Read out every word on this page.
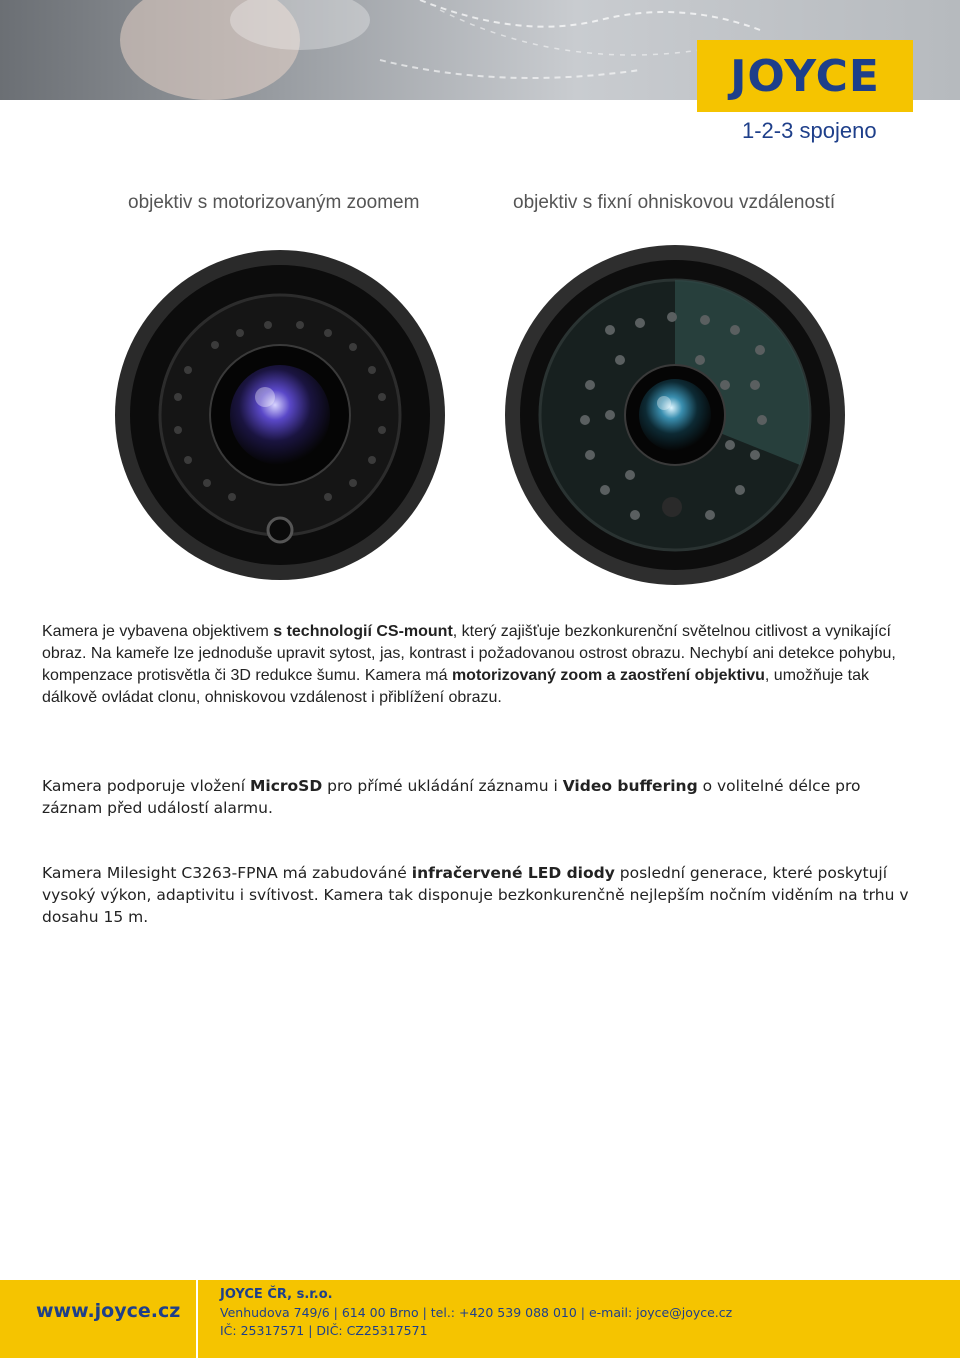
JOYCE
1-2-3 spojeno
objektiv s motorizovaným zoomem	objektiv s fixní ohniskovou vzdáleností
Kamera je vybavena objektivem s technologií CS-mount, který zajišťuje bezkonkurenční světelnou citlivost a vynikající obraz. Na kameře lze jednoduše upravit sytost, jas, kontrast i požadovanou ostrost obrazu. Nechybí ani detekce pohybu, kompenzace protisvětla či 3D redukce šumu. Kamera má motorizovaný zoom a zaostření objektivu, umožňuje tak dálkově ovládat clonu, ohniskovou vzdálenost i přiblížení obrazu.
Kamera podporuje vložení MicroSD pro přímé ukládání záznamu i Video buffering o volitelné délce pro záznam před událostí alarmu.
Kamera Milesight C3263-FPNA má zabudováné infračervené LED diody poslední generace, které poskytují vysoký výkon, adaptivitu i svítivost. Kamera tak disponuje bezkonkurenčně nejlepším nočním viděním na trhu v dosahu 15 m.
www.joyce.cz
JOYCE ČR, s.r.o.
Venhudova 749/6 | 614 00 Brno | tel.: +420 539 088 010 | e-mail: joyce@joyce.cz
IČ: 25317571 | DIČ: CZ25317571
